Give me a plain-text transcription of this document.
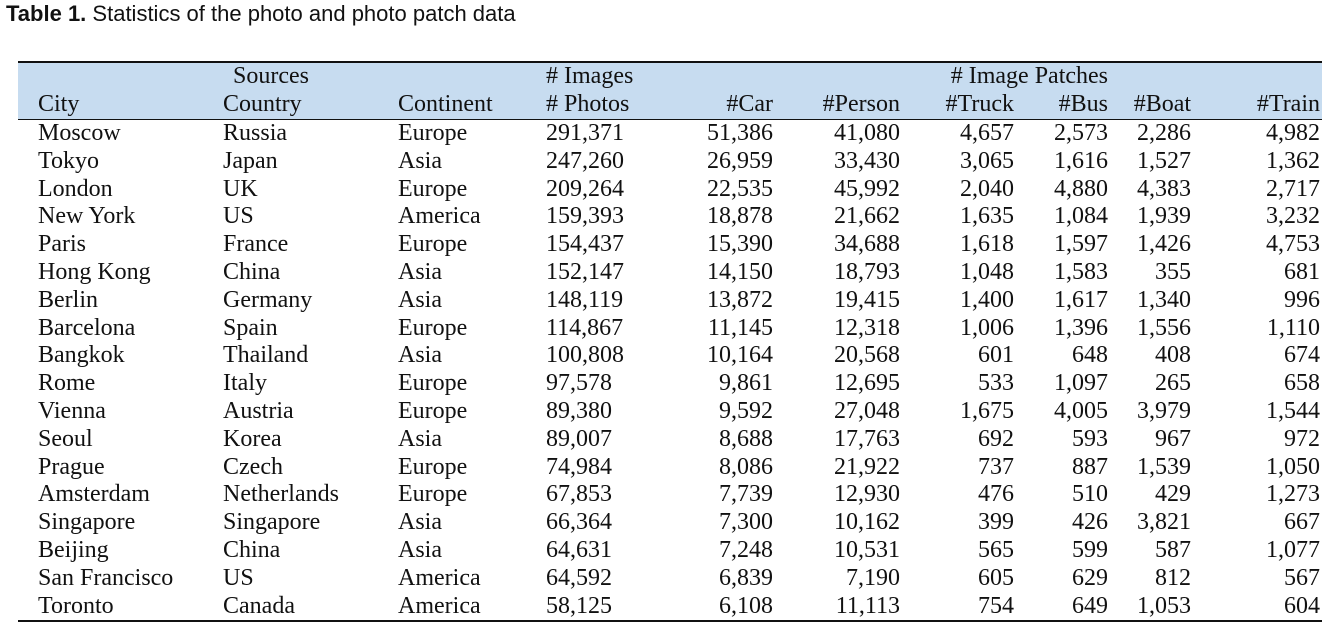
Table 1. Statistics of the photo and photo patch data
	Sources		# Images		# Image Patches				
City	Country	Continent	# Photos	#Car	#Person	#Truck	#Bus	#Boat	#Train
Moscow	Russia	Europe	291,371	51,386	41,080	4,657	2,573	2,286	4,982
Tokyo	Japan	Asia	247,260	26,959	33,430	3,065	1,616	1,527	1,362
London	UK	Europe	209,264	22,535	45,992	2,040	4,880	4,383	2,717
New York	US	America	159,393	18,878	21,662	1,635	1,084	1,939	3,232
Paris	France	Europe	154,437	15,390	34,688	1,618	1,597	1,426	4,753
Hong Kong	China	Asia	152,147	14,150	18,793	1,048	1,583	355	681
Berlin	Germany	Asia	148,119	13,872	19,415	1,400	1,617	1,340	996
Barcelona	Spain	Europe	114,867	11,145	12,318	1,006	1,396	1,556	1,110
Bangkok	Thailand	Asia	100,808	10,164	20,568	601	648	408	674
Rome	Italy	Europe	97,578	9,861	12,695	533	1,097	265	658
Vienna	Austria	Europe	89,380	9,592	27,048	1,675	4,005	3,979	1,544
Seoul	Korea	Asia	89,007	8,688	17,763	692	593	967	972
Prague	Czech	Europe	74,984	8,086	21,922	737	887	1,539	1,050
Amsterdam	Netherlands	Europe	67,853	7,739	12,930	476	510	429	1,273
Singapore	Singapore	Asia	66,364	7,300	10,162	399	426	3,821	667
Beijing	China	Asia	64,631	7,248	10,531	565	599	587	1,077
San Francisco	US	America	64,592	6,839	7,190	605	629	812	567
Toronto	Canada	America	58,125	6,108	11,113	754	649	1,053	604
